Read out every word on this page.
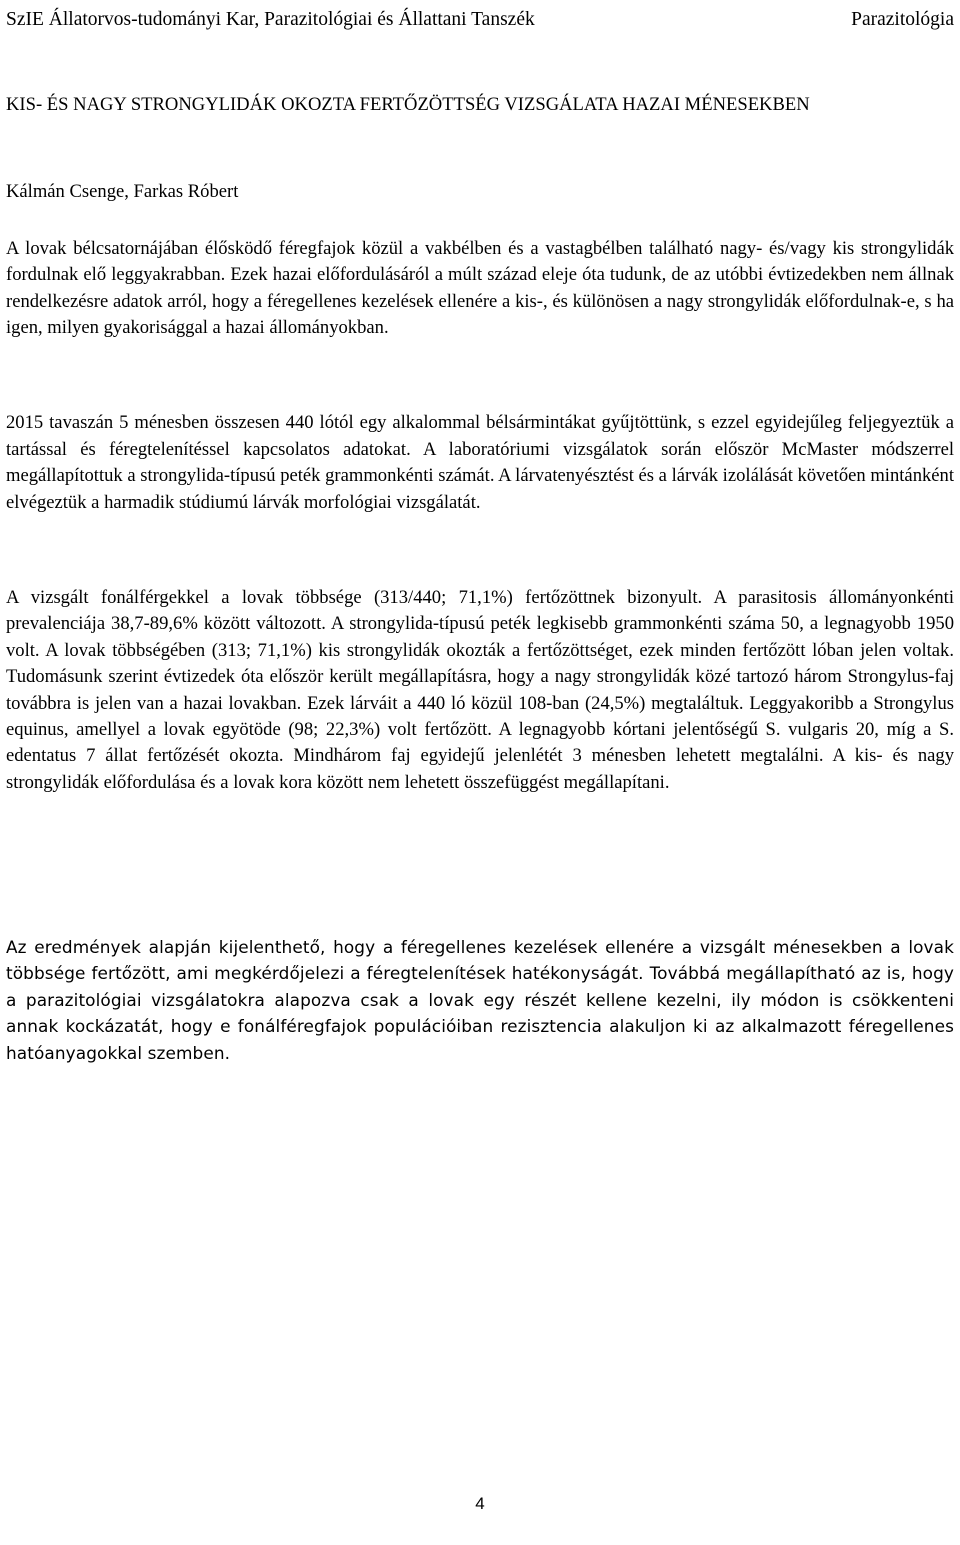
SzIE Állatorvos-tudományi Kar, Parazitológiai és Állattani Tanszék	Parazitológia
KIS- ÉS NAGY STRONGYLIDÁK OKOZTA FERTŐZÖTTSÉG VIZSGÁLATA HAZAI MÉNESEKBEN
Kálmán Csenge, Farkas Róbert

A lovak bélcsatornájában élősködő féregfajok közül a vakbélben és a vastagbélben található nagy- és/vagy kis strongylidák fordulnak elő leggyakrabban. Ezek hazai előfordulásáról a múlt század eleje óta tudunk, de az utóbbi évtizedekben nem állnak rendelkezésre adatok arról, hogy a féregellenes kezelések ellenére a kis-, és különösen a nagy strongylidák előfordulnak-e, s ha igen, milyen gyakorisággal a hazai állományokban.

2015 tavaszán 5 ménesben összesen 440 lótól egy alkalommal bélsármintákat gyűjtöttünk, s ezzel egyidejűleg feljegyeztük a tartással és féregtelenítéssel kapcsolatos adatokat. A laboratóriumi vizsgálatok során először McMaster módszerrel megállapítottuk a strongylida-típusú peték grammonkénti számát. A lárvatenyésztést és a lárvák izolálását követően mintánként elvégeztük a harmadik stúdiumú lárvák morfológiai vizsgálatát.

A vizsgált fonálférgekkel a lovak többsége (313/440; 71,1%) fertőzöttnek bizonyult. A parasitosis állományonkénti prevalenciája 38,7-89,6% között változott. A strongylida-típusú peték legkisebb grammonkénti száma 50, a legnagyobb 1950 volt. A lovak többségében (313; 71,1%) kis strongylidák okozták a fertőzöttséget, ezek minden fertőzött lóban jelen voltak. Tudomásunk szerint évtizedek óta először került megállapításra, hogy a nagy strongylidák közé tartozó három Strongylus-faj továbbra is jelen van a hazai lovakban. Ezek lárváit a 440 ló közül 108-ban (24,5%) megtaláltuk. Leggyakoribb a Strongylus equinus, amellyel a lovak egyötöde (98; 22,3%) volt fertőzött. A legnagyobb kórtani jelentőségű S. vulgaris 20, míg a S. edentatus 7 állat fertőzését okozta. Mindhárom faj egyidejű jelenlétét 3 ménesben lehetett megtalálni. A kis- és nagy strongylidák előfordulása és a lovak kora között nem lehetett összefüggést megállapítani.

Az eredmények alapján kijelenthető, hogy a féregellenes kezelések ellenére a vizsgált ménesekben a lovak többsége fertőzött, ami megkérdőjelezi a féregtelenítések hatékonyságát. Továbbá megállapítható az is, hogy a parazitológiai vizsgálatokra alapozva csak a lovak egy részét kellene kezelni, ily módon is csökkenteni annak kockázatát, hogy e fonálféregfajok populációiban rezisztencia alakuljon ki az alkalmazott féregellenes hatóanyagokkal szemben.

4
